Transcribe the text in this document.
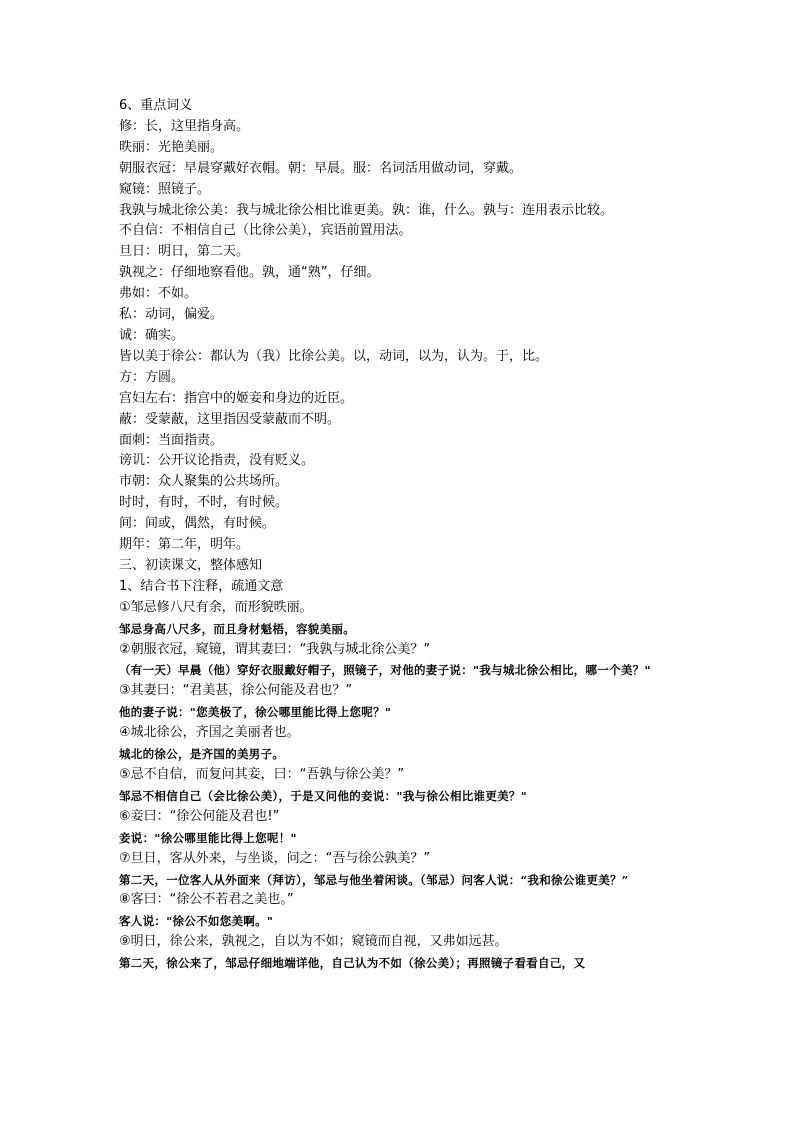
6、重点词义
修：长，这里指身高。
昳丽：光艳美丽。
朝服衣冠：早晨穿戴好衣帽。朝：早晨。服：名词活用做动词，穿戴。
窥镜：照镜子。
我孰与城北徐公美：我与城北徐公相比谁更美。孰：谁，什么。孰与：连用表示比较。
不自信：不相信自己（比徐公美），宾语前置用法。
旦日：明日，第二天。
孰视之：仔细地察看他。孰，通“熟”，仔细。
弗如：不如。
私：动词，偏爱。
诚：确实。
皆以美于徐公：都认为（我）比徐公美。以，动词，以为，认为。于，比。
方：方圆。
宫妇左右：指宫中的姬妾和身边的近臣。
蔽：受蒙蔽，这里指因受蒙蔽而不明。
面刺：当面指责。
谤讥：公开议论指责，没有贬义。
市朝：众人聚集的公共场所。
时时，有时，不时，有时候。
间：间或，偶然，有时候。
期年：第二年，明年。
三、初读课文，整体感知
1、结合书下注释，疏通文意
①邹忌修八尺有余，而形貌昳丽。
邹忌身高八尺多，而且身材魁梧，容貌美丽。
②朝服衣冠，窥镜，谓其妻曰：“我孰与城北徐公美？”
（有一天）早晨（他）穿好衣服戴好帽子，照镜子，对他的妻子说："我与城北徐公相比，哪一个美？"
③其妻曰：“君美甚，徐公何能及君也？”
他的妻子说："您美极了，徐公哪里能比得上您呢？"
④城北徐公，齐国之美丽者也。
城北的徐公，是齐国的美男子。
⑤忌不自信，而复问其妾，曰：“吾孰与徐公美？”
邹忌不相信自己（会比徐公美），于是又问他的妾说："我与徐公相比谁更美？"
⑥妾曰：“徐公何能及君也!”
妾说："徐公哪里能比得上您呢！"
⑦旦日，客从外来，与坐谈，问之：“吾与徐公孰美？”
第二天，一位客人从外面来（拜访），邹忌与他坐着闲谈。（邹忌）问客人说：“我和徐公谁更美？”
⑧客曰：“徐公不若君之美也。”
客人说："徐公不如您美啊。"
⑨明日，徐公来，孰视之，自以为不如；窥镜而自视，又弗如远甚。
第二天，徐公来了，邹忌仔细地端详他，自己认为不如（徐公美）；再照镜子看看自己，又
